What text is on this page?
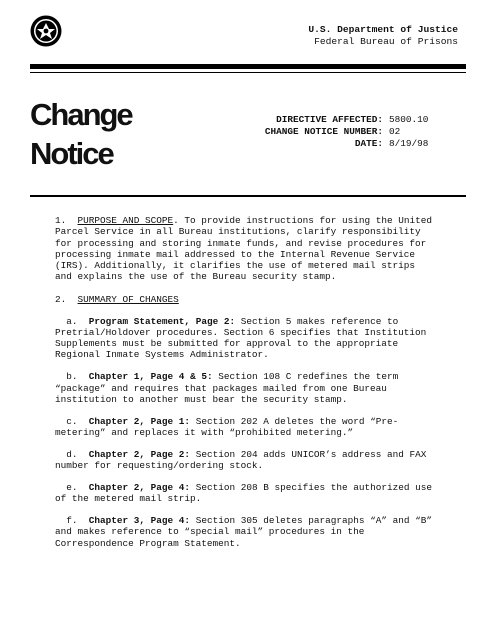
U.S. Department of Justice
Federal Bureau of Prisons
Change
Notice
DIRECTIVE AFFECTED: 5800.10
CHANGE NOTICE NUMBER: 02
DATE: 8/19/98

1. PURPOSE AND SCOPE. To provide instructions for using the United Parcel Service in all Bureau institutions, clarify responsibility for processing and storing inmate funds, and revise procedures for processing inmate mail addressed to the Internal Revenue Service (IRS). Additionally, it clarifies the use of metered mail strips and explains the use of the Bureau security stamp.

2. SUMMARY OF CHANGES

a. Program Statement, Page 2: Section 5 makes reference to Pretrial/Holdover procedures. Section 6 specifies that Institution Supplements must be submitted for approval to the appropriate Regional Inmate Systems Administrator.

b. Chapter 1, Page 4 & 5: Section 108 C redefines the term “package” and requires that packages mailed from one Bureau institution to another must bear the security stamp.

c. Chapter 2, Page 1: Section 202 A deletes the word “Pre-metering” and replaces it with “prohibited metering.”

d. Chapter 2, Page 2: Section 204 adds UNICOR’s address and FAX number for requesting/ordering stock.

e. Chapter 2, Page 4: Section 208 B specifies the authorized use of the metered mail strip.

f. Chapter 3, Page 4: Section 305 deletes paragraphs “A” and “B” and makes reference to “special mail” procedures in the Correspondence Program Statement.
